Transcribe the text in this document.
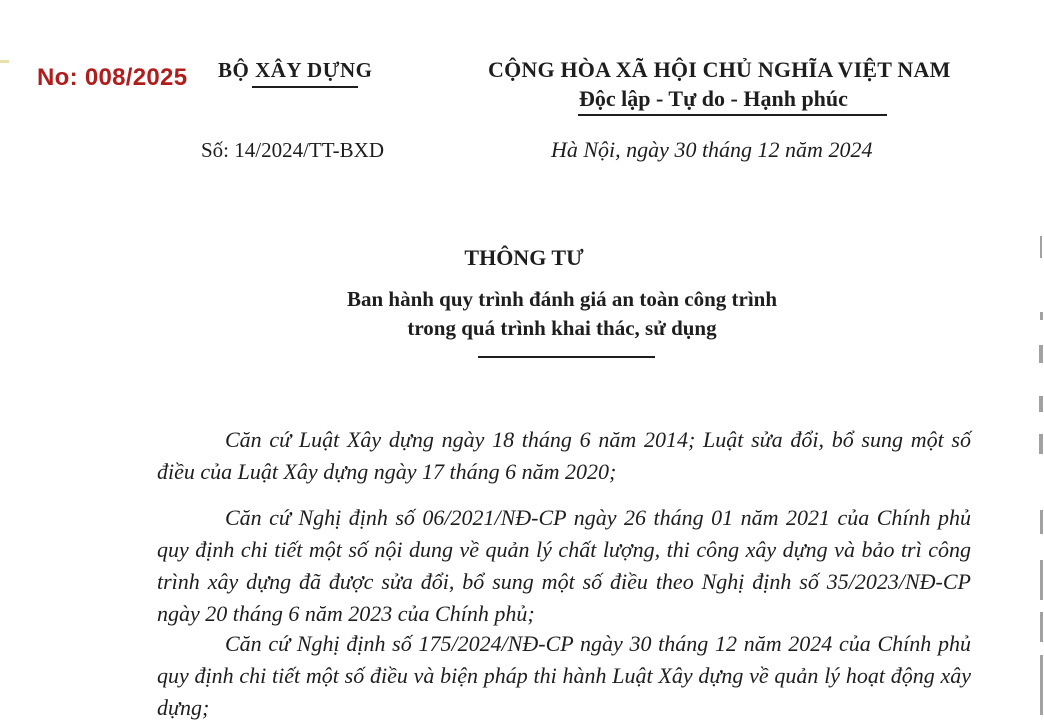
No: 008/2025 BỘ XÂY DỰNG	CỘNG HÒA XÃ HỘI CHỦ NGHĨA VIỆT NAM
Độc lập - Tự do - Hạnh phúc
Số: 14/2024/TT-BXD	Hà Nội, ngày 30 tháng 12 năm 2024
THÔNG TƯ
Ban hành quy trình đánh giá an toàn công trình
trong quá trình khai thác, sử dụng

Căn cứ Luật Xây dựng ngày 18 tháng 6 năm 2014; Luật sửa đổi, bổ sung một số điều của Luật Xây dựng ngày 17 tháng 6 năm 2020;

Căn cứ Nghị định số 06/2021/NĐ-CP ngày 26 tháng 01 năm 2021 của Chính phủ quy định chi tiết một số nội dung về quản lý chất lượng, thi công xây dựng và bảo trì công trình xây dựng đã được sửa đổi, bổ sung một số điều theo Nghị định số 35/2023/NĐ-CP ngày 20 tháng 6 năm 2023 của Chính phủ;

Căn cứ Nghị định số 175/2024/NĐ-CP ngày 30 tháng 12 năm 2024 của Chính phủ quy định chi tiết một số điều và biện pháp thi hành Luật Xây dựng về quản lý hoạt động xây dựng;
